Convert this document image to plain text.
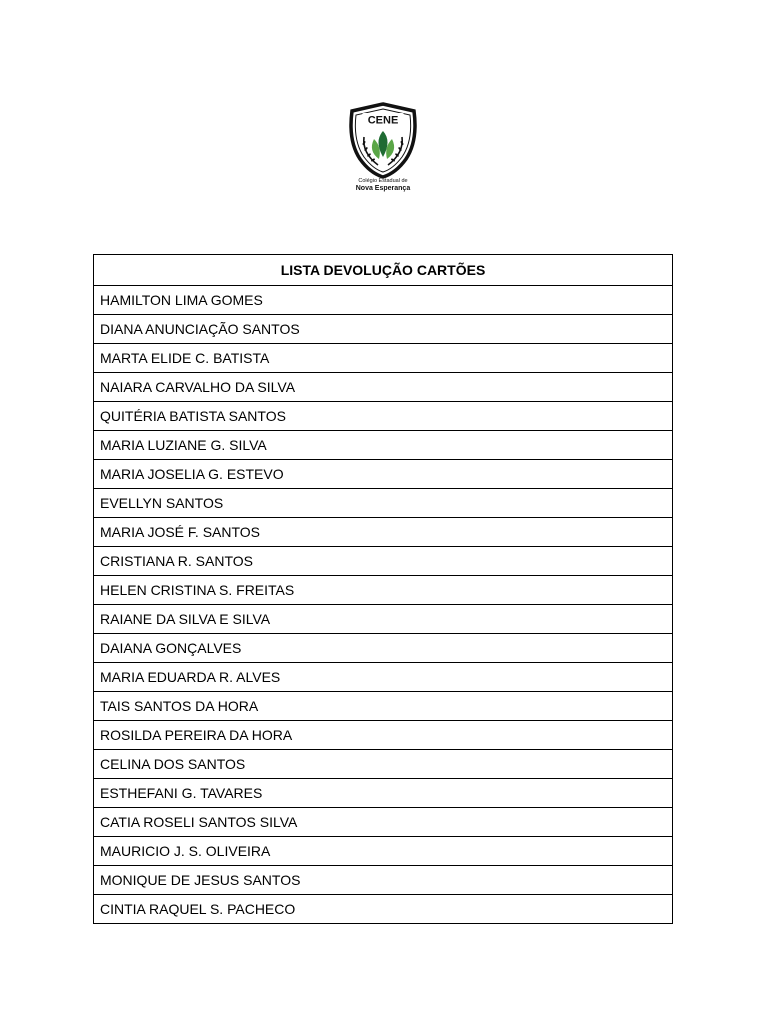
CENE
Colégio Estadual de
Nova Esperança
LISTA DEVOLUÇÃO CARTÕES
HAMILTON LIMA GOMES
DIANA ANUNCIAÇÃO SANTOS
MARTA ELIDE C. BATISTA
NAIARA CARVALHO DA SILVA
QUITÉRIA BATISTA SANTOS
MARIA LUZIANE G. SILVA
MARIA JOSELIA G. ESTEVO
EVELLYN SANTOS
MARIA JOSÉ F. SANTOS
CRISTIANA R. SANTOS
HELEN CRISTINA S. FREITAS
RAIANE DA SILVA E SILVA
DAIANA GONÇALVES
MARIA EDUARDA R. ALVES
TAIS SANTOS DA HORA
ROSILDA PEREIRA DA HORA
CELINA DOS SANTOS
ESTHEFANI G. TAVARES
CATIA ROSELI SANTOS SILVA
MAURICIO J. S. OLIVEIRA
MONIQUE DE JESUS SANTOS
CINTIA RAQUEL S. PACHECO
